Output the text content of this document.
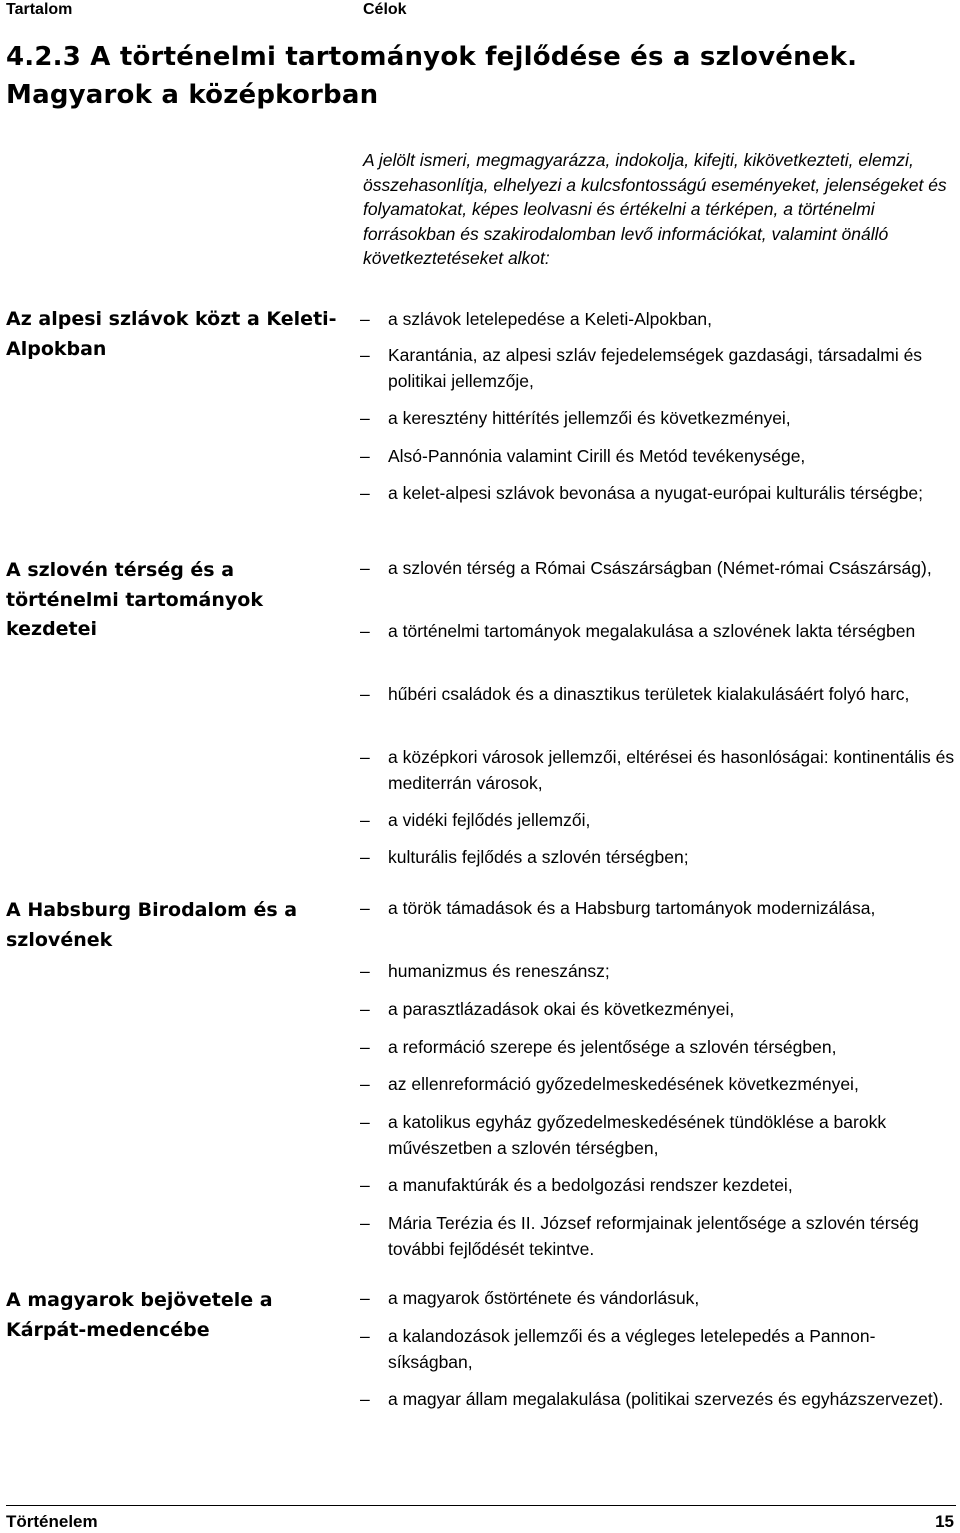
Tartalom	Célok
4.2.3 A történelmi tartományok fejlődése és a szlovének. Magyarok a középkorban

A jelölt ismeri, megmagyarázza, indokolja, kifejti, kikövetkezteti, elemzi, összehasonlítja, elhelyezi a kulcsfontosságú eseményeket, jelenségeket és folyamatokat, képes leolvasni és értékelni a térképen, a történelmi forrásokban és szakirodalomban levő információkat, valamint önálló következtetéseket alkot:

Az alpesi szlávok közt a Keleti-Alpokban
– a szlávok letelepedése a Keleti-Alpokban,
– Karantánia, az alpesi szláv fejedelemségek gazdasági, társadalmi és politikai jellemzője,
– a keresztény hittérítés jellemzői és következményei,
– Alsó-Pannónia valamint Cirill és Metód tevékenysége,
– a kelet-alpesi szlávok bevonása a nyugat-európai kulturális térségbe;
A szlovén térség és a történelmi tartományok kezdetei
– a szlovén térség a Római Császárságban (Német-római Császárság),
– a történelmi tartományok megalakulása a szlovének lakta térségben
– hűbéri családok és a dinasztikus területek kialakulásáért folyó harc,
– a középkori városok jellemzői, eltérései és hasonlóságai: kontinentális és mediterrán városok,
– a vidéki fejlődés jellemzői,
– kulturális fejlődés a szlovén térségben;
A Habsburg Birodalom és a szlovének
– a török támadások és a Habsburg tartományok modernizálása,
– humanizmus és reneszánsz;
– a parasztlázadások okai és következményei,
– a reformáció szerepe és jelentősége a szlovén térségben,
– az ellenreformáció győzedelmeskedésének következményei,
– a katolikus egyház győzedelmeskedésének tündöklése a barokk művészetben a szlovén térségben,
– a manufaktúrák és a bedolgozási rendszer kezdetei,
– Mária Terézia és II. József reformjainak jelentősége a szlovén térség további fejlődését tekintve.
A magyarok bejövetele a Kárpát-medencébe
– a magyarok őstörténete és vándorlásuk,
– a kalandozások jellemzői és a végleges letelepedés a Pannon-síkságban,
– a magyar állam megalakulása (politikai szervezés és egyházszervezet).
Történelem	15
